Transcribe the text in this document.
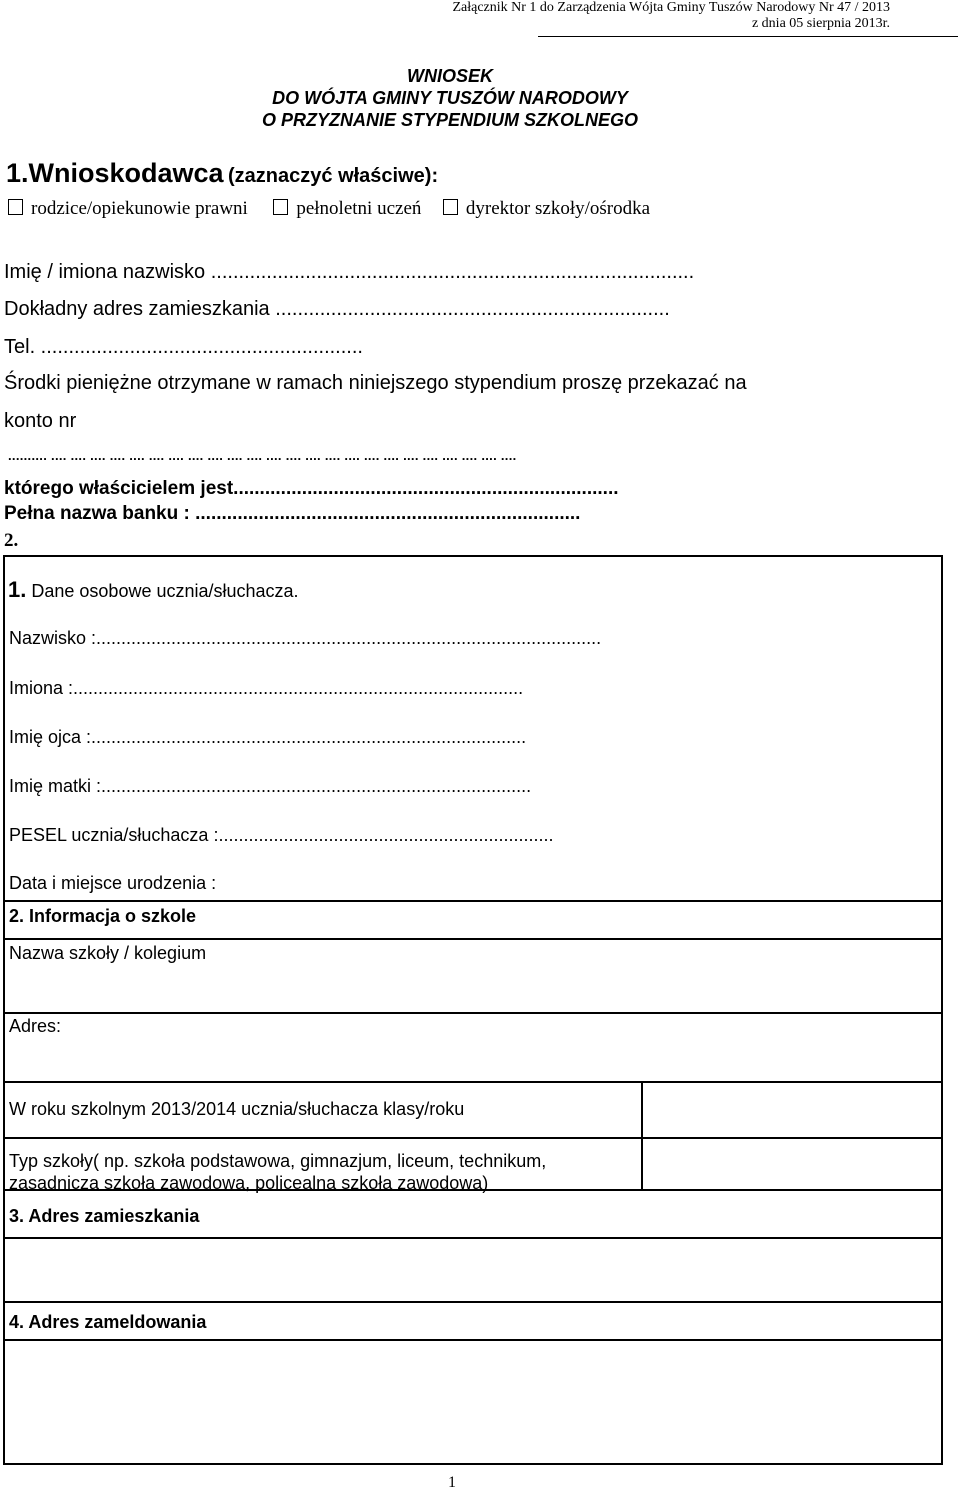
Załącznik Nr 1 do Zarządzenia Wójta Gminy Tuszów Narodowy Nr 47 / 2013
z dnia 05 sierpnia 2013r.
WNIOSEK
DO WÓJTA GMINY TUSZÓW NARODOWY
O PRZYZNANIE STYPENDIUM SZKOLNEGO
1.Wnioskodawca (zaznaczyć właściwe):
rodzice/opiekunowie prawni	pełnoletni uczeń dyrektor szkoły/ośrodka
Imię / imiona nazwisko .......................................................................................
Dokładny adres zamieszkania .......................................................................
Tel. ..........................................................
Środki pieniężne otrzymane w ramach niniejszego stypendium proszę przekazać na
konto nr
.......... .... .... .... .... .... .... .... .... .... .... .... .... .... .... .... .... .... .... .... .... .... .... .... ....
którego właścicielem jest.........................................................................
Pełna nazwa banku : .........................................................................
2.
1. Dane osobowe ucznia/słuchacza.
Nazwisko :.....................................................................................................
Imiona :..........................................................................................
Imię ojca :.......................................................................................
Imię matki :......................................................................................
PESEL ucznia/słuchacza :...................................................................
Data i miejsce urodzenia :
2. Informacja o szkole
Nazwa szkoły / kolegium
Adres:
W roku szkolnym 2013/2014 ucznia/słuchacza klasy/roku
Typ szkoły( np. szkoła podstawowa, gimnazjum, liceum, technikum,
zasadnicza szkoła zawodowa, policealna szkoła zawodowa)
3. Adres zamieszkania
4. Adres zameldowania
1
